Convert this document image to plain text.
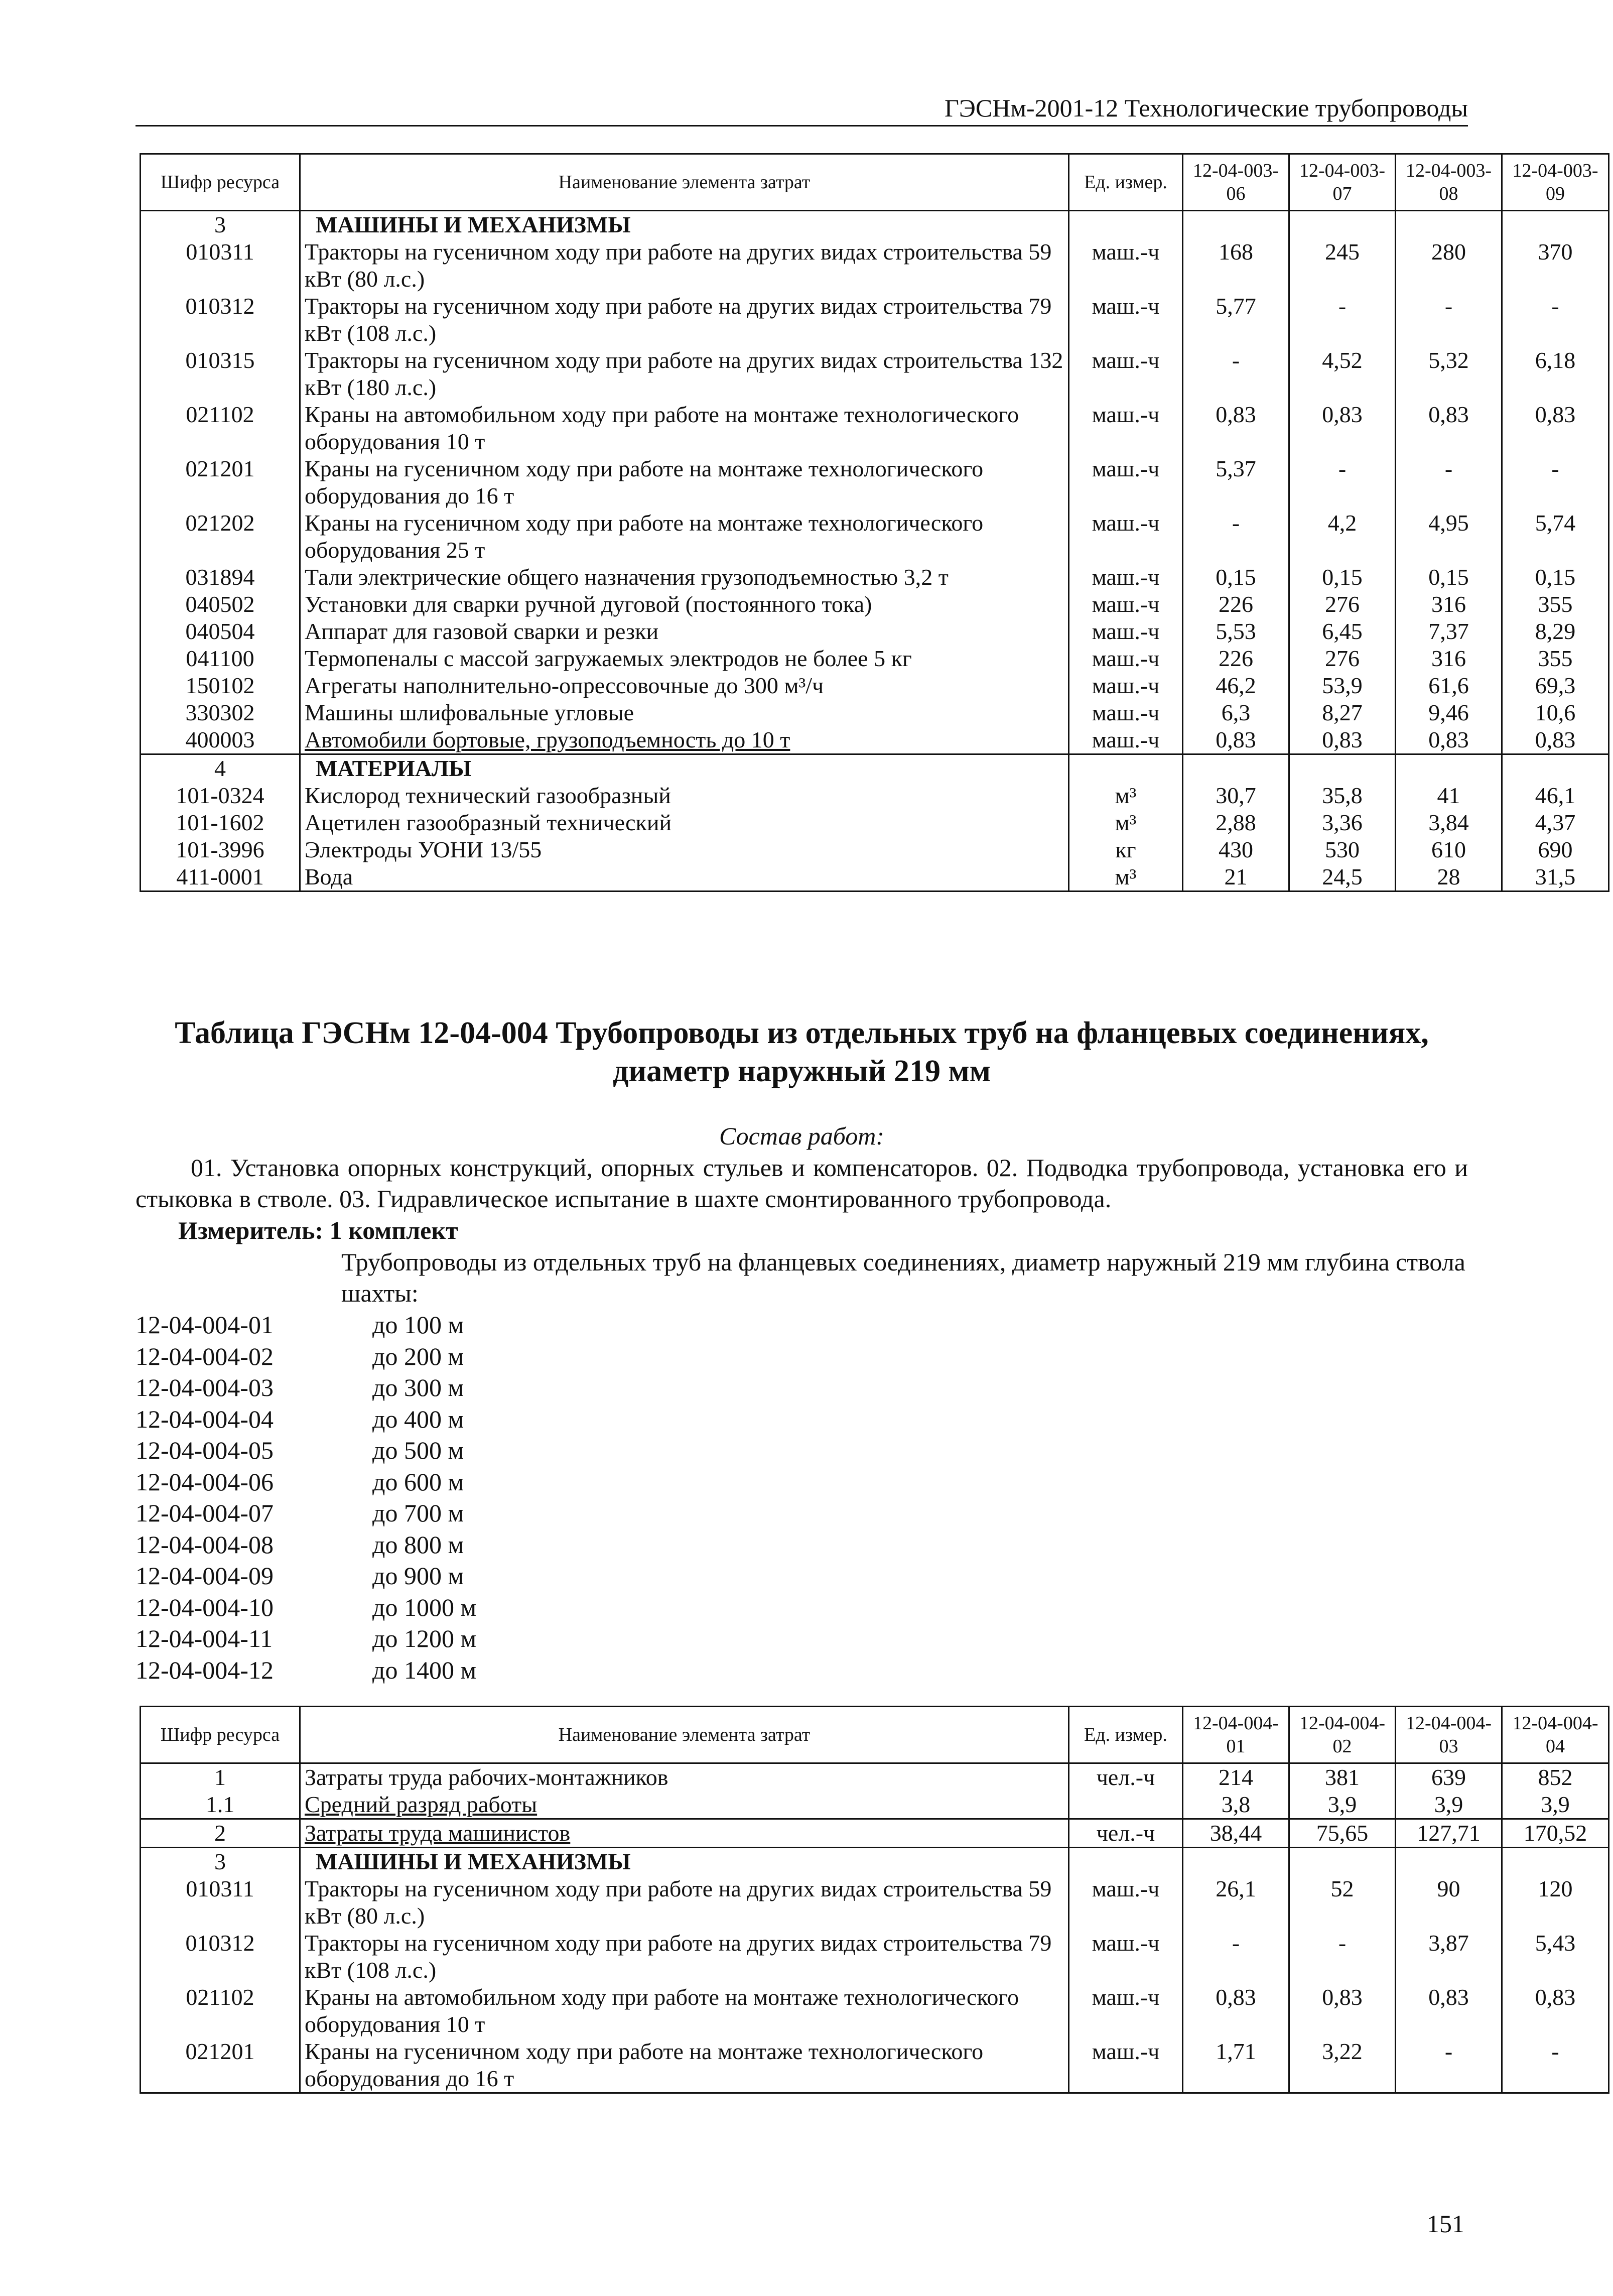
ГЭСНм-2001-12 Технологические трубопроводы
Шифр ресурса	Наименование элемента затрат	Ед. измер.	12-04-003-06	12-04-003-07	12-04-003-08	12-04-003-09
3	МАШИНЫ И МЕХАНИЗМЫ					
010311	Тракторы на гусеничном ходу при работе на других видах строительства 59 кВт (80 л.с.)	маш.-ч	168	245	280	370
010312	Тракторы на гусеничном ходу при работе на других видах строительства 79 кВт (108 л.с.)	маш.-ч	5,77	-	-	-
010315	Тракторы на гусеничном ходу при работе на других видах строительства 132 кВт (180 л.с.)	маш.-ч	-	4,52	5,32	6,18
021102	Краны на автомобильном ходу при работе на монтаже технологического оборудования 10 т	маш.-ч	0,83	0,83	0,83	0,83
021201	Краны на гусеничном ходу при работе на монтаже технологического оборудования до 16 т	маш.-ч	5,37	-	-	-
021202	Краны на гусеничном ходу при работе на монтаже технологического оборудования 25 т	маш.-ч	-	4,2	4,95	5,74
031894	Тали электрические общего назначения грузоподъемностью 3,2 т	маш.-ч	0,15	0,15	0,15	0,15
040502	Установки для сварки ручной дуговой (постоянного тока)	маш.-ч	226	276	316	355
040504	Аппарат для газовой сварки и резки	маш.-ч	5,53	6,45	7,37	8,29
041100	Термопеналы с массой загружаемых электродов не более 5 кг	маш.-ч	226	276	316	355
150102	Агрегаты наполнительно-опрессовочные до 300 м³/ч	маш.-ч	46,2	53,9	61,6	69,3
330302	Машины шлифовальные угловые	маш.-ч	6,3	8,27	9,46	10,6
400003	Автомобили бортовые, грузоподъемность до 10 т	маш.-ч	0,83	0,83	0,83	0,83
4	МАТЕРИАЛЫ					
101-0324	Кислород технический газообразный	м³	30,7	35,8	41	46,1
101-1602	Ацетилен газообразный технический	м³	2,88	3,36	3,84	4,37
101-3996	Электроды УОНИ 13/55	кг	430	530	610	690
411-0001	Вода	м³	21	24,5	28	31,5
Таблица ГЭСНм 12-04-004 Трубопроводы из отдельных труб на фланцевых соединениях, диаметр наружный 219 мм
Состав работ:
01. Установка опорных конструкций, опорных стульев и компенсаторов. 02. Подводка трубопровода, установка его и стыковка в стволе. 03. Гидравлическое испытание в шахте смонтированного трубопровода.
Измеритель: 1 комплект
Трубопроводы из отдельных труб на фланцевых соединениях, диаметр наружный 219 мм глубина ствола шахты:
12-04-004-01	до 100 м
12-04-004-02	до 200 м
12-04-004-03	до 300 м
12-04-004-04	до 400 м
12-04-004-05	до 500 м
12-04-004-06	до 600 м
12-04-004-07	до 700 м
12-04-004-08	до 800 м
12-04-004-09	до 900 м
12-04-004-10	до 1000 м
12-04-004-11	до 1200 м
12-04-004-12	до 1400 м
Шифр ресурса	Наименование элемента затрат	Ед. измер.	12-04-004-01	12-04-004-02	12-04-004-03	12-04-004-04
1	Затраты труда рабочих-монтажников	чел.-ч	214	381	639	852
1.1	Средний разряд работы		3,8	3,9	3,9	3,9
2	Затраты труда машинистов	чел.-ч	38,44	75,65	127,71	170,52
3	МАШИНЫ И МЕХАНИЗМЫ					
010311	Тракторы на гусеничном ходу при работе на других видах строительства 59 кВт (80 л.с.)	маш.-ч	26,1	52	90	120
010312	Тракторы на гусеничном ходу при работе на других видах строительства 79 кВт (108 л.с.)	маш.-ч	-	-	3,87	5,43
021102	Краны на автомобильном ходу при работе на монтаже технологического оборудования 10 т	маш.-ч	0,83	0,83	0,83	0,83
021201	Краны на гусеничном ходу при работе на монтаже технологического оборудования до 16 т	маш.-ч	1,71	3,22	-	-
151
